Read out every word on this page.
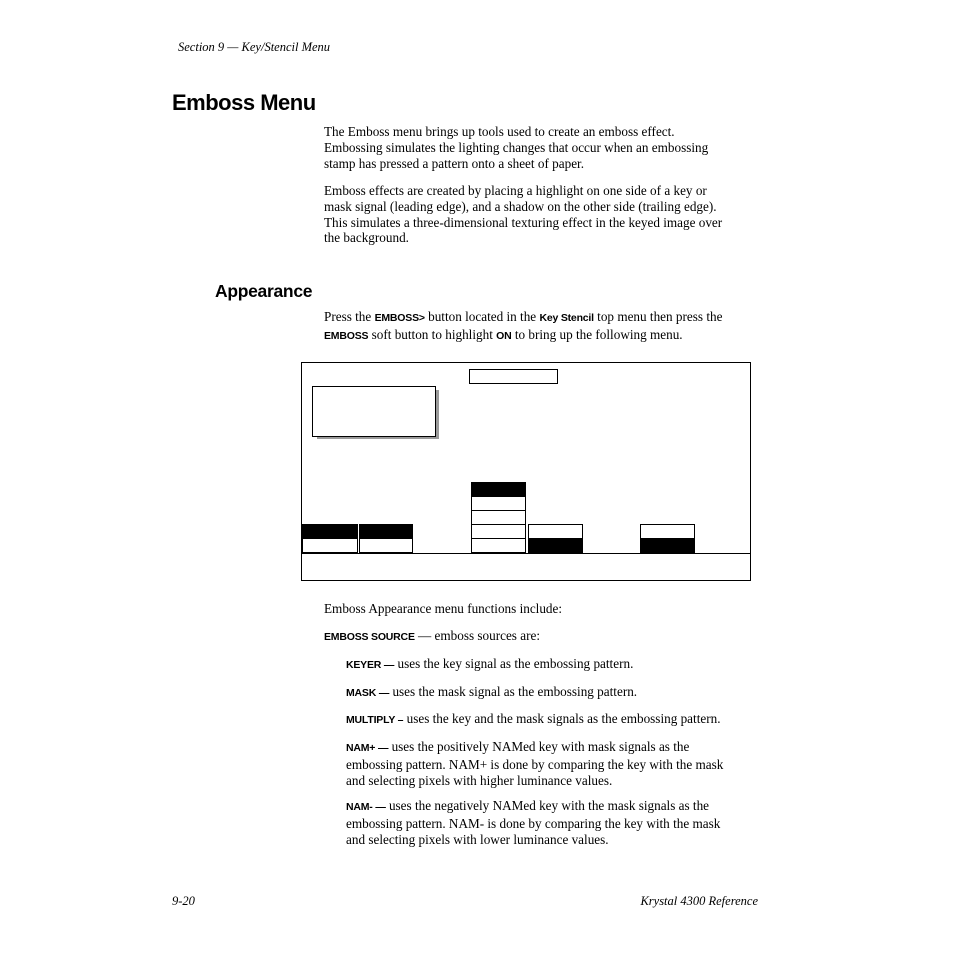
Section 9 — Key/Stencil Menu
Emboss Menu
The Emboss menu brings up tools used to create an emboss effect.
Embossing simulates the lighting changes that occur when an embossing
stamp has pressed a pattern onto a sheet of paper.
Emboss effects are created by placing a highlight on one side of a key or
mask signal (leading edge), and a shadow on the other side (trailing edge).
This simulates a three-dimensional texturing effect in the keyed image over
the background.
Appearance
Press the EMBOSS> button located in the Key Stencil top menu then press the
EMBOSS soft button to highlight ON to bring up the following menu.
Emboss Appearance menu functions include:
EMBOSS SOURCE — emboss sources are:
KEYER — uses the key signal as the embossing pattern.
MASK — uses the mask signal as the embossing pattern.
MULTIPLY – uses the key and the mask signals as the embossing pattern.
NAM+ — uses the positively NAMed key with mask signals as the
embossing pattern. NAM+ is done by comparing the key with the mask
and selecting pixels with higher luminance values.
NAM- — uses the negatively NAMed key with the mask signals as the
embossing pattern. NAM- is done by comparing the key with the mask
and selecting pixels with lower luminance values.
9-20	Krystal 4300 Reference
